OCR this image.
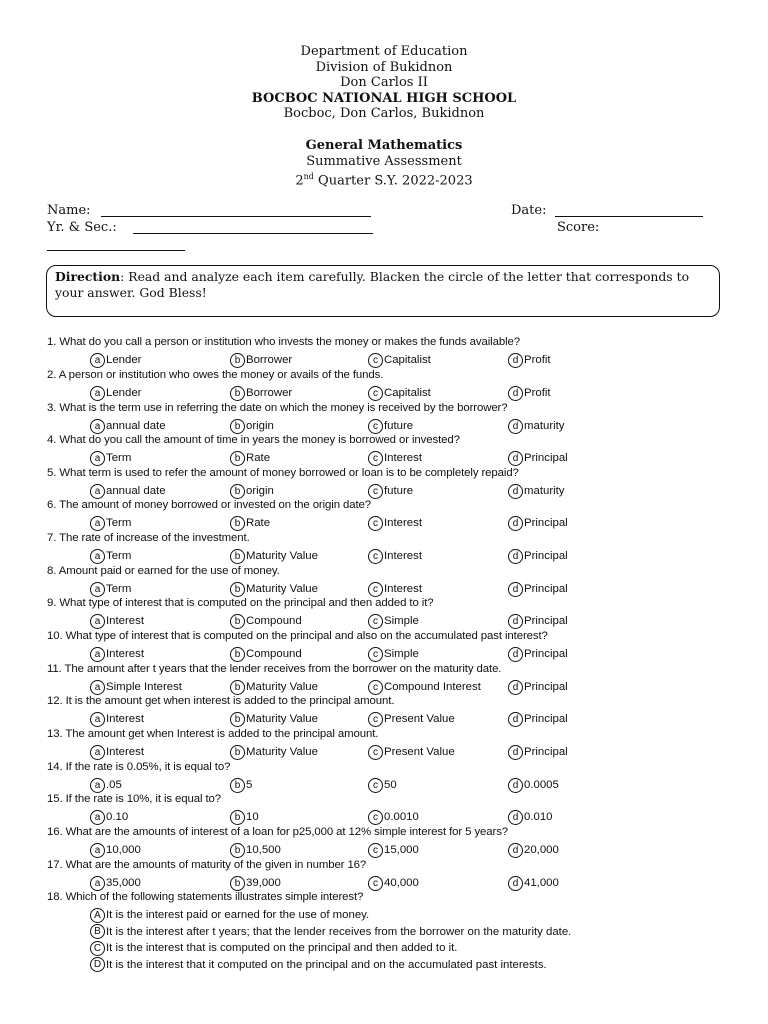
Department of Education
Division of Bukidnon
Don Carlos II
BOCBOC NATIONAL HIGH SCHOOL
Bocboc, Don Carlos, Bukidnon
General Mathematics
Summative Assessment
2nd Quarter S.Y. 2022-2023
Name:	Date:
Yr. & Sec.:	Score:
Direction: Read and analyze each item carefully. Blacken the circle of the letter that corresponds to your answer. God Bless!
1. What do you call a person or institution who invests the money or makes the funds available?
a Lender	b Borrower	c Capitalist	d Profit
2. A person or institution who owes the money or avails of the funds.
a Lender	b Borrower	c Capitalist	d Profit
3. What is the term use in referring the date on which the money is received by the borrower?
a annual date	b origin	c future	d maturity
4. What do you call the amount of time in years the money is borrowed or invested?
a Term	b Rate	c Interest	d Principal
5. What term is used to refer the amount of money borrowed or loan is to be completely repaid?
a annual date	b origin	c future	d maturity
6. The amount of money borrowed or invested on the origin date?
a Term	b Rate	c Interest	d Principal
7. The rate of increase of the investment.
a Term	b Maturity Value	c Interest	d Principal
8. Amount paid or earned for the use of money.
a Term	b Maturity Value	c Interest	d Principal
9. What type of interest that is computed on the principal and then added to it?
a Interest	b Compound	c Simple	d Principal
10. What type of interest that is computed on the principal and also on the accumulated past interest?
a Interest	b Compound	c Simple	d Principal
11. The amount after t years that the lender receives from the borrower on the maturity date.
a Simple Interest	b Maturity Value	c Compound Interest	d Principal
12. It is the amount get when interest is added to the principal amount.
a Interest	b Maturity Value	c Present Value	d Principal
13. The amount get when Interest is added to the principal amount.
a Interest	b Maturity Value	c Present Value	d Principal
14. If the rate is 0.05%, it is equal to?
a .05	b 5	c 50	d 0.0005
15. If the rate is 10%, it is equal to?
a 0.10	b 10	c 0.0010	d 0.010
16. What are the amounts of interest of a loan for p25,000 at 12% simple interest for 5 years?
a 10,000	b 10,500	c 15,000	d 20,000
17. What are the amounts of maturity of the given in number 16?
a 35,000	b 39,000	c 40,000	d 41,000
18. Which of the following statements illustrates simple interest?
A It is the interest paid or earned for the use of money.
B It is the interest after t years; that the lender receives from the borrower on the maturity date.
C It is the interest that is computed on the principal and then added to it.
D It is the interest that it computed on the principal and on the accumulated past interests.
